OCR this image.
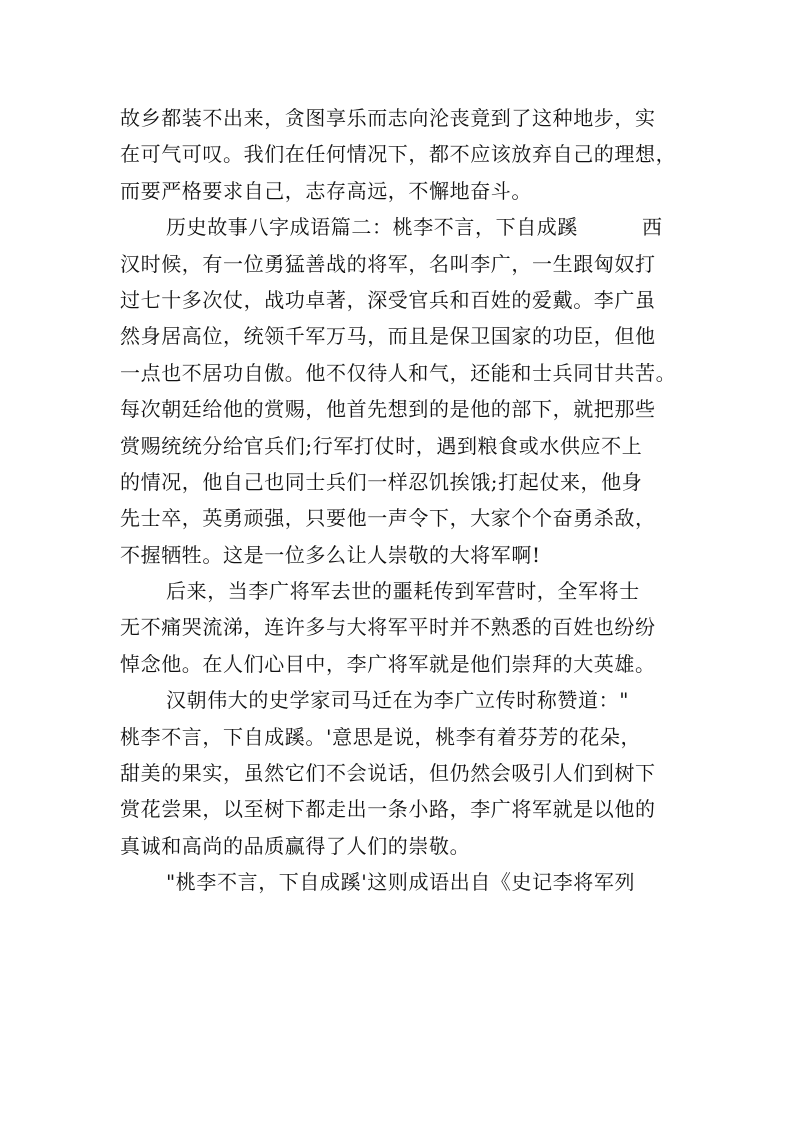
故乡都装不出来，贪图享乐而志向沦丧竟到了这种地步，实
在可气可叹。我们在任何情况下，都不应该放弃自己的理想，
而要严格要求自己，志存高远，不懈地奋斗。
历史故事八字成语篇二：桃李不言，下自成蹊	西
汉时候，有一位勇猛善战的将军，名叫李广，一生跟匈奴打
过七十多次仗，战功卓著，深受官兵和百姓的爱戴。李广虽
然身居高位，统领千军万马，而且是保卫国家的功臣，但他
一点也不居功自傲。他不仅待人和气，还能和士兵同甘共苦。
每次朝廷给他的赏赐，他首先想到的是他的部下，就把那些
赏赐统统分给官兵们;行军打仗时，遇到粮食或水供应不上
的情况，他自己也同士兵们一样忍饥挨饿;打起仗来，他身
先士卒，英勇顽强，只要他一声令下，大家个个奋勇杀敌，
不握牺牲。这是一位多么让人崇敬的大将军啊!
后来，当李广将军去世的噩耗传到军营时，全军将士
无不痛哭流涕，连许多与大将军平时并不熟悉的百姓也纷纷
悼念他。在人们心目中，李广将军就是他们崇拜的大英雄。
汉朝伟大的史学家司马迁在为李广立传时称赞道："
桃李不言，下自成蹊。'意思是说，桃李有着芬芳的花朵，
甜美的果实，虽然它们不会说话，但仍然会吸引人们到树下
赏花尝果，以至树下都走出一条小路，李广将军就是以他的
真诚和高尚的品质赢得了人们的崇敬。
"桃李不言，下自成蹊'这则成语出自《史记李将军列
